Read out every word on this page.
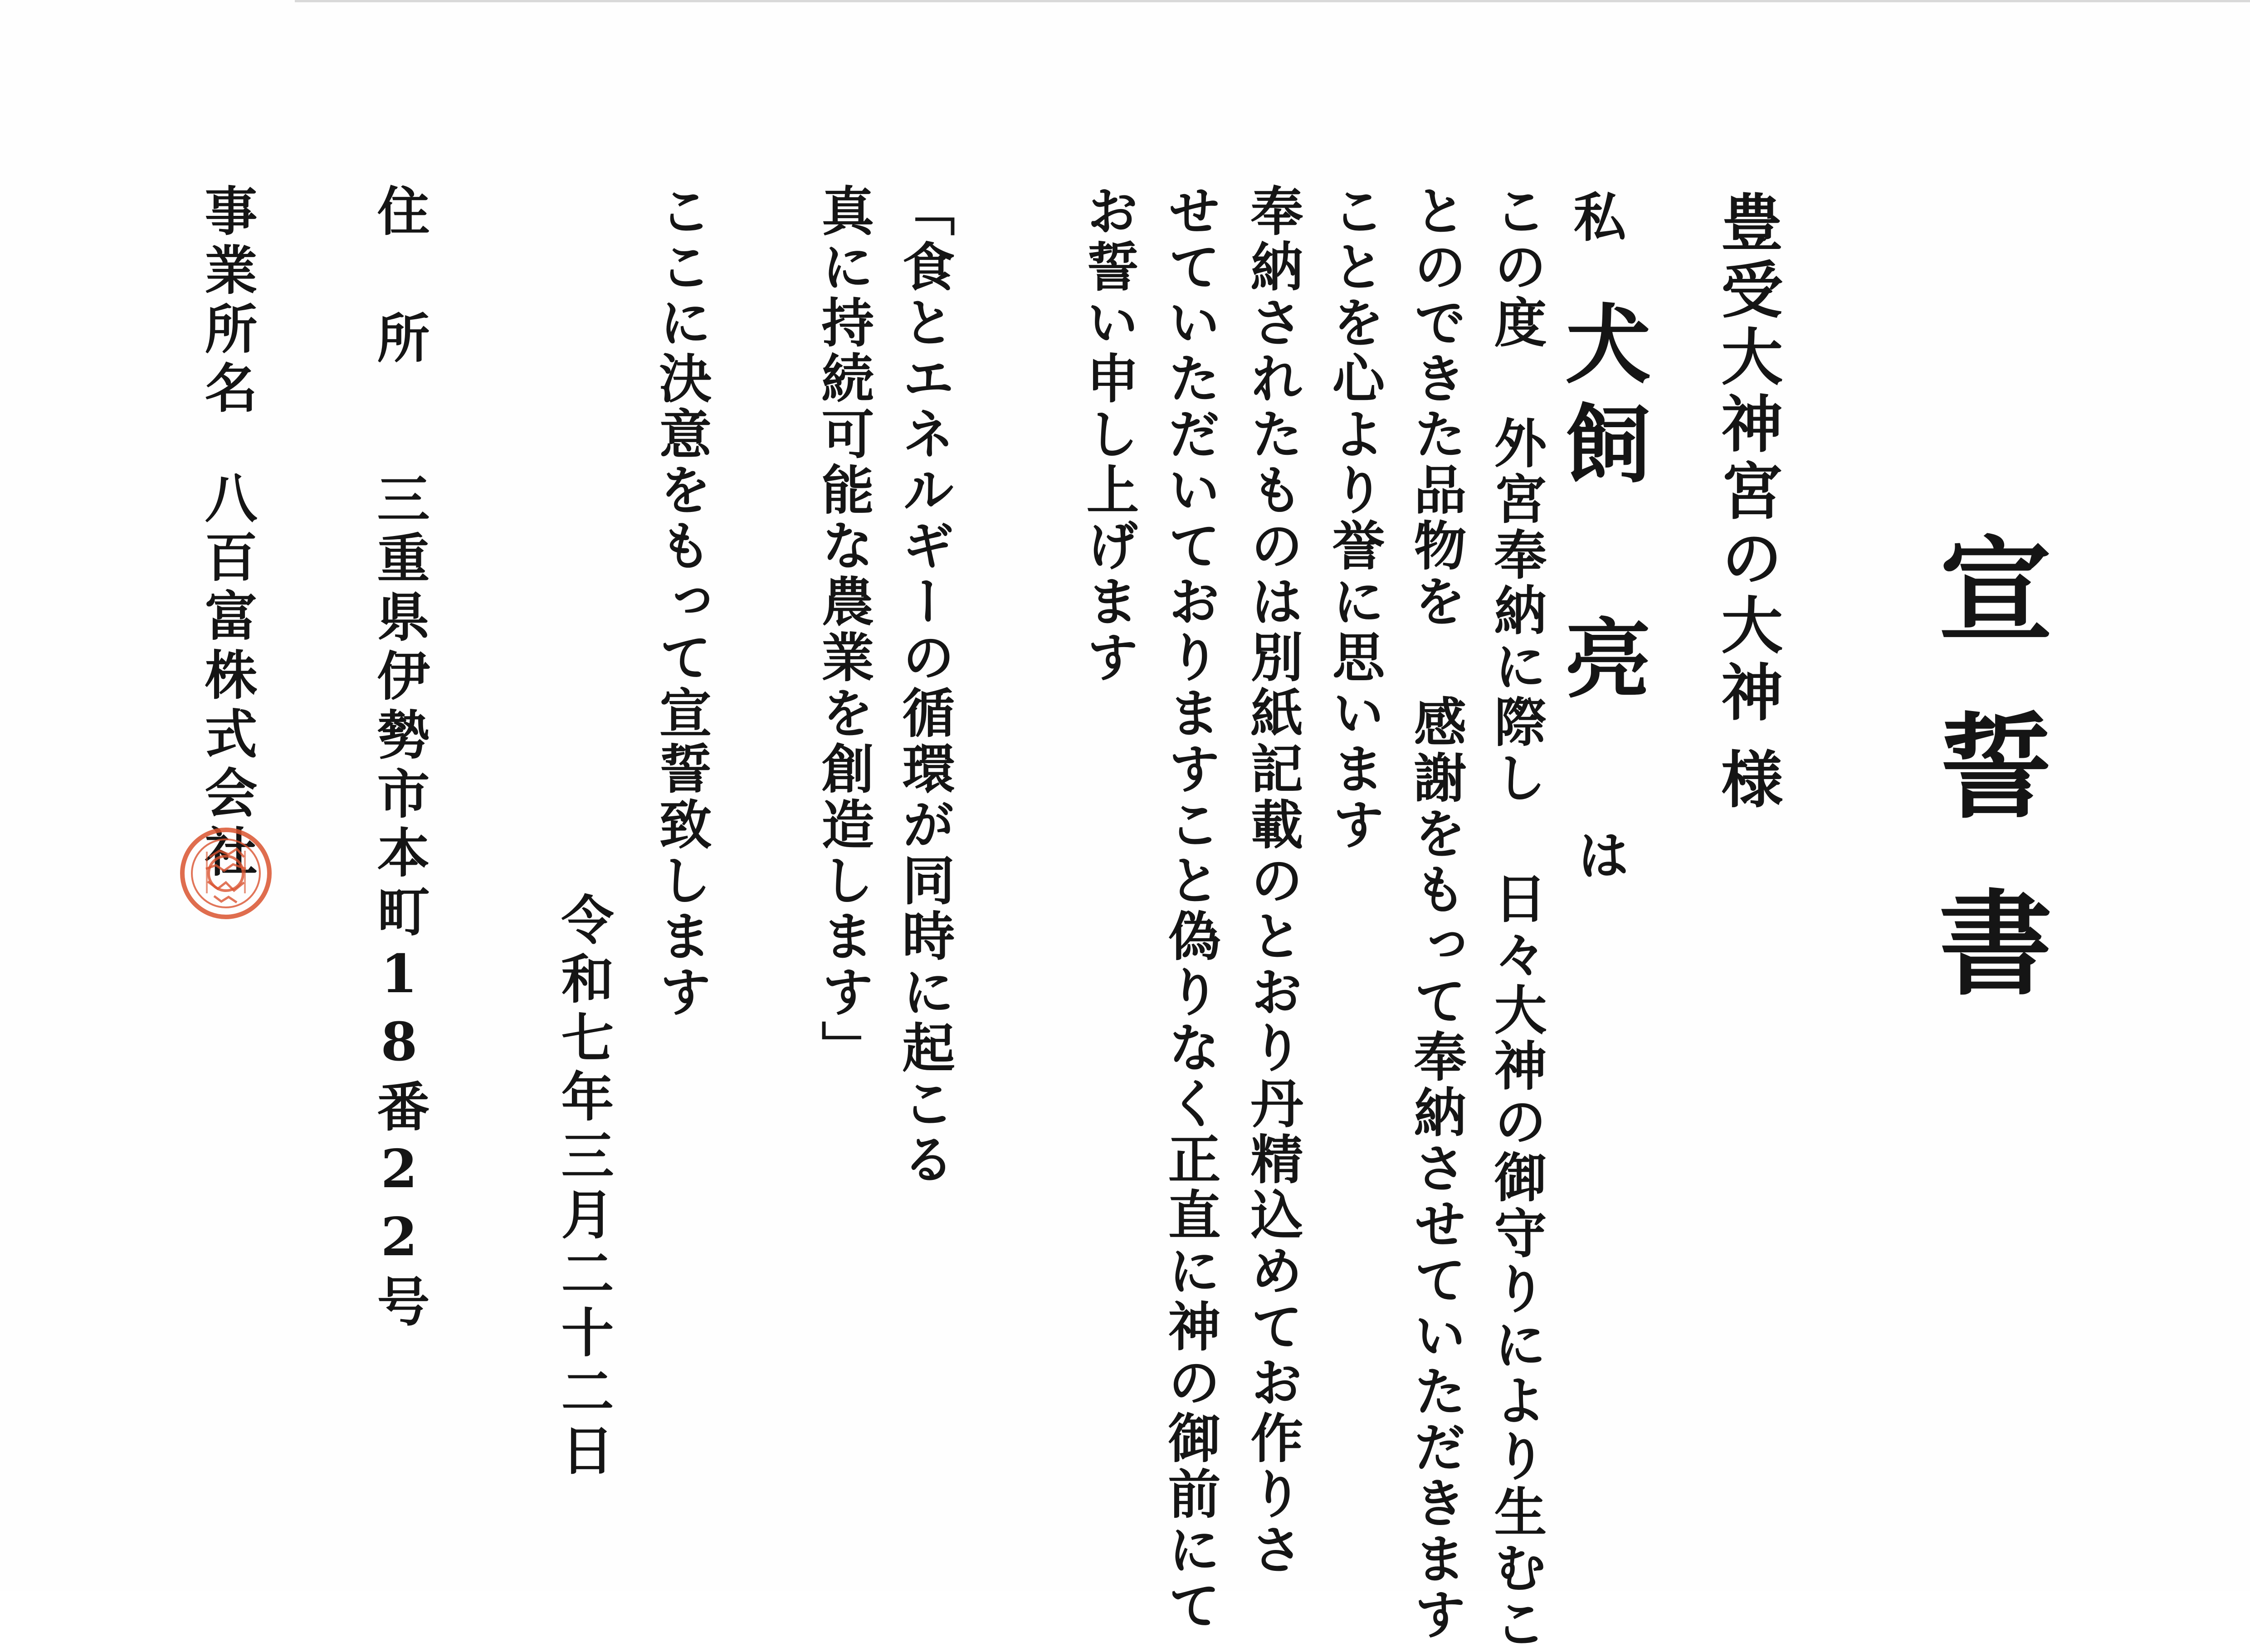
宣誓書
豊受大神宮の大神
様
私
犬飼 亮
は
この度 外宮奉納に際し 日々大神の御守りにより生むこ
とのできた品物を 感謝をもって奉納させていただきます
ことを心より誉に思います
奉納されたものは別紙記載のとおり丹精込めてお作りさ
せていただいておりますこと偽りなく正直に神の御前にて
お誓い申し上げます
「食とエネルギーの循環が同時に起こる
真に持続可能な農業を創造します」
ここに決意をもって宣誓致します
令和七年三月二十二日
住 所
三重県伊勢市本町18番22号
事業所名
八百富株式会社
